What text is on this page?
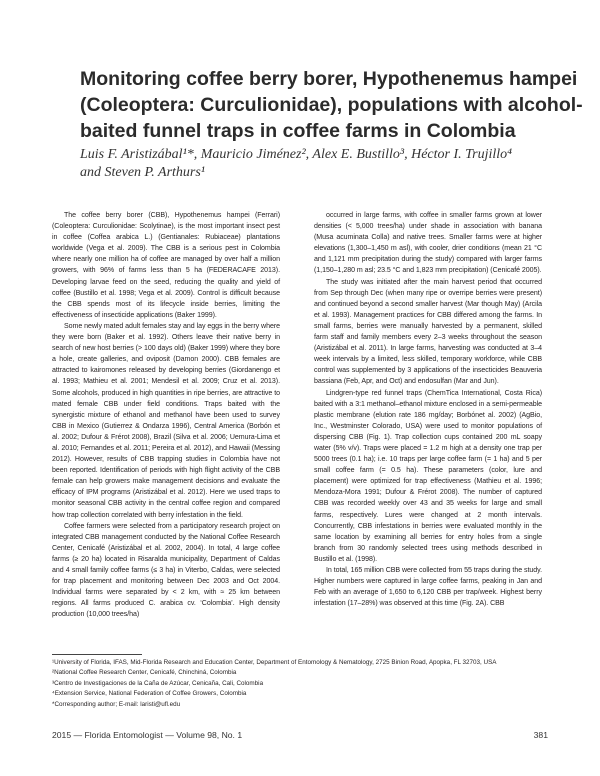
Monitoring coffee berry borer, Hypothenemus hampei
(Coleoptera: Curculionidae), populations with alcohol-
baited funnel traps in coffee farms in Colombia
Luis F. Aristizábal¹*, Mauricio Jiménez², Alex E. Bustillo³, Héctor I. Trujillo⁴
and Steven P. Arthurs¹

The coffee berry borer (CBB), Hypothenemus hampei (Ferrari) (Coleoptera: Curculionidae: Scolytinae), is the most important insect pest in coffee (Coffea arabica L.) (Gentianales: Rubiaceae) plantations worldwide (Vega et al. 2009). The CBB is a serious pest in Colombia where nearly one million ha of coffee are managed by over half a million growers, with 96% of farms less than 5 ha (FEDERACAFE 2013). Developing larvae feed on the seed, reducing the quality and yield of coffee (Bustillo et al. 1998; Vega et al. 2009). Control is difficult because the CBB spends most of its lifecycle inside berries, limiting the effectiveness of insecticide applications (Baker 1999).

Some newly mated adult females stay and lay eggs in the berry where they were born (Baker et al. 1992). Others leave their native berry in search of new host berries (> 100 days old) (Baker 1999) where they bore a hole, create galleries, and oviposit (Damon 2000). CBB females are attracted to kairomones released by developing berries (Giordanengo et al. 1993; Mathieu et al. 2001; Mendesil et al. 2009; Cruz et al. 2013). Some alcohols, produced in high quantities in ripe berries, are attractive to mated female CBB under field conditions. Traps baited with the synergistic mixture of ethanol and methanol have been used to survey CBB in Mexico (Gutierrez & Ondarza 1996), Central America (Borbón et al. 2002; Dufour & Frérot 2008), Brazil (Silva et al. 2006; Uemura-Lima et al. 2010; Fernandes et al. 2011; Pereira et al. 2012), and Hawaii (Messing 2012). However, results of CBB trapping studies in Colombia have not been reported. Identification of periods with high flight activity of the CBB female can help growers make management decisions and evaluate the efficacy of IPM programs (Aristizábal et al. 2012). Here we used traps to monitor seasonal CBB activity in the central coffee region and compared how trap collection correlated with berry infestation in the field.

Coffee farmers were selected from a participatory research project on integrated CBB management conducted by the National Coffee Research Center, Cenicafé (Aristizábal et al. 2002, 2004). In total, 4 large coffee farms (≥ 20 ha) located in Risaralda municipality, Department of Caldas and 4 small family coffee farms (≤ 3 ha) in Viterbo, Caldas, were selected for trap placement and monitoring between Dec 2003 and Oct 2004. Individual farms were separated by < 2 km, with ≈ 25 km between regions. All farms produced C. arabica cv. ‘Colombia’. High density production (10,000 trees/ha)

occurred in large farms, with coffee in smaller farms grown at lower densities (< 5,000 trees/ha) under shade in association with banana (Musa acuminata Colla) and native trees. Smaller farms were at higher elevations (1,300–1,450 m asl), with cooler, drier conditions (mean 21 °C and 1,121 mm precipitation during the study) compared with larger farms (1,150–1,280 m asl; 23.5 °C and 1,823 mm precipitation) (Cenicafé 2005).

The study was initiated after the main harvest period that occurred from Sep through Dec (when many ripe or overripe berries were present) and continued beyond a second smaller harvest (Mar though May) (Arcila et al. 1993). Management practices for CBB differed among the farms. In small farms, berries were manually harvested by a permanent, skilled farm staff and family members every 2–3 weeks throughout the season (Aristizábal et al. 2011). In large farms, harvesting was conducted at 3–4 week intervals by a limited, less skilled, temporary workforce, while CBB control was supplemented by 3 applications of the insecticides Beauveria bassiana (Feb, Apr, and Oct) and endosulfan (Mar and Jun).

Lindgren-type red funnel traps (ChemTica International, Costa Rica) baited with a 3:1 methanol–ethanol mixture enclosed in a semi-permeable plastic membrane (elution rate 186 mg/day; Borbónet al. 2002) (AgBio, Inc., Westminster Colorado, USA) were used to monitor populations of dispersing CBB (Fig. 1). Trap collection cups contained 200 mL soapy water (5% v/v). Traps were placed = 1.2 m high at a density one trap per 5000 trees (0.1 ha); i.e. 10 traps per large coffee farm (= 1 ha) and 5 per small coffee farm (= 0.5 ha). These parameters (color, lure and placement) were optimized for trap effectiveness (Mathieu et al. 1996; Mendoza-Mora 1991; Dufour & Frérot 2008). The number of captured CBB was recorded weekly over 43 and 35 weeks for large and small farms, respectively. Lures were changed at 2 month intervals. Concurrently, CBB infestations in berries were evaluated monthly in the same location by examining all berries for entry holes from a single branch from 30 randomly selected trees using methods described in Bustillo et al. (1998).

In total, 165 million CBB were collected from 55 traps during the study. Higher numbers were captured in large coffee farms, peaking in Jan and Feb with an average of 1,650 to 6,120 CBB per trap/week. Highest berry infestation (17–28%) was observed at this time (Fig. 2A). CBB

¹University of Florida, IFAS, Mid-Florida Research and Education Center, Department of Entomology & Nematology, 2725 Binion Road, Apopka, FL 32703, USA
²National Coffee Research Center, Cenicafé, Chinchiná, Colombia
³Centro de Investigaciones de la Caña de Azúcar, Cenicaña, Cali, Colombia
⁴Extension Service, National Federation of Coffee Growers, Colombia
*Corresponding author; E-mail: laristi@ufl.edu
2015 — Florida Entomologist — Volume 98, No. 1	381
